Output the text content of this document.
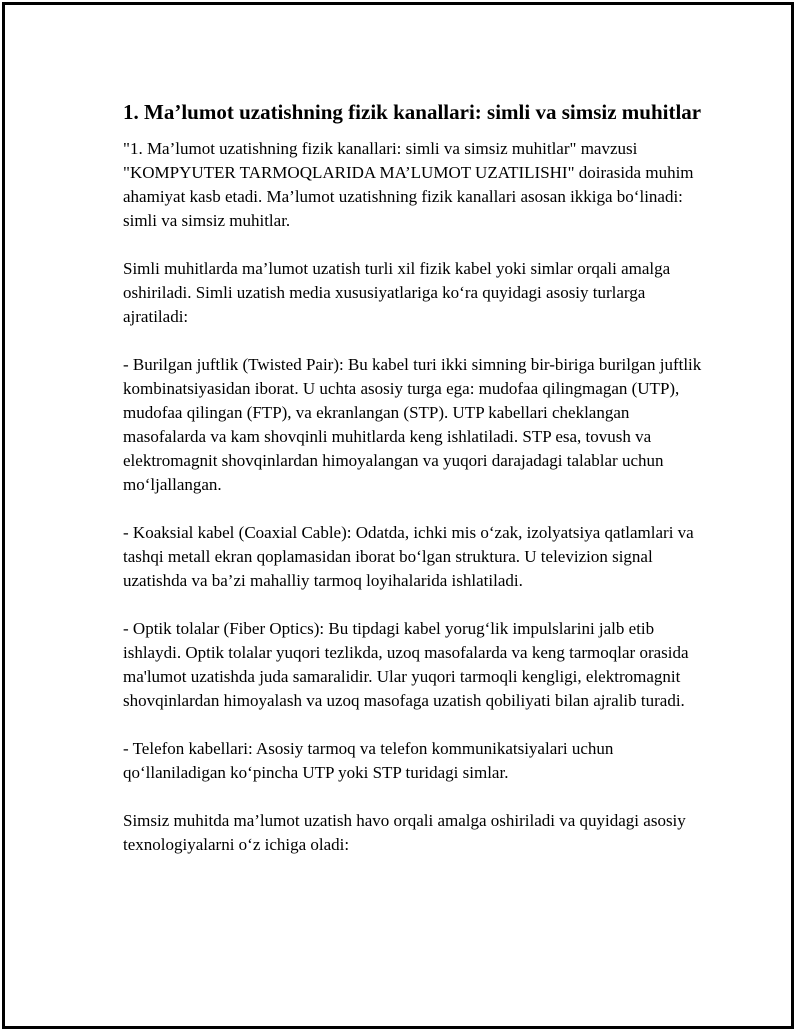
1. Ma’lumot uzatishning fizik kanallari: simli va simsiz muhitlar

"1. Ma’lumot uzatishning fizik kanallari: simli va simsiz muhitlar" mavzusi "KOMPYUTER TARMOQLARIDA MA’LUMOT UZATILISHI" doirasida muhim ahamiyat kasb etadi. Ma’lumot uzatishning fizik kanallari asosan ikkiga bo‘linadi: simli va simsiz muhitlar.

Simli muhitlarda ma’lumot uzatish turli xil fizik kabel yoki simlar orqali amalga oshiriladi. Simli uzatish media xususiyatlariga ko‘ra quyidagi asosiy turlarga ajratiladi:

- Burilgan juftlik (Twisted Pair): Bu kabel turi ikki simning bir-biriga burilgan juftlik kombinatsiyasidan iborat. U uchta asosiy turga ega: mudofaa qilingmagan (UTP), mudofaa qilingan (FTP), va ekranlangan (STP). UTP kabellari cheklangan masofalarda va kam shovqinli muhitlarda keng ishlatiladi. STP esa, tovush va elektromagnit shovqinlardan himoyalangan va yuqori darajadagi talablar uchun mo‘ljallangan.

- Koaksial kabel (Coaxial Cable): Odatda, ichki mis o‘zak, izolyatsiya qatlamlari va tashqi metall ekran qoplamasidan iborat bo‘lgan struktura. U televizion signal uzatishda va ba’zi mahalliy tarmoq loyihalarida ishlatiladi.

- Optik tolalar (Fiber Optics): Bu tipdagi kabel yorug‘lik impulslarini jalb etib ishlaydi. Optik tolalar yuqori tezlikda, uzoq masofalarda va keng tarmoqlar orasida ma'lumot uzatishda juda samaralidir. Ular yuqori tarmoqli kengligi, elektromagnit shovqinlardan himoyalash va uzoq masofaga uzatish qobiliyati bilan ajralib turadi.

- Telefon kabellari: Asosiy tarmoq va telefon kommunikatsiyalari uchun qo‘llaniladigan ko‘pincha UTP yoki STP turidagi simlar.

Simsiz muhitda ma’lumot uzatish havo orqali amalga oshiriladi va quyidagi asosiy texnologiyalarni o‘z ichiga oladi:
